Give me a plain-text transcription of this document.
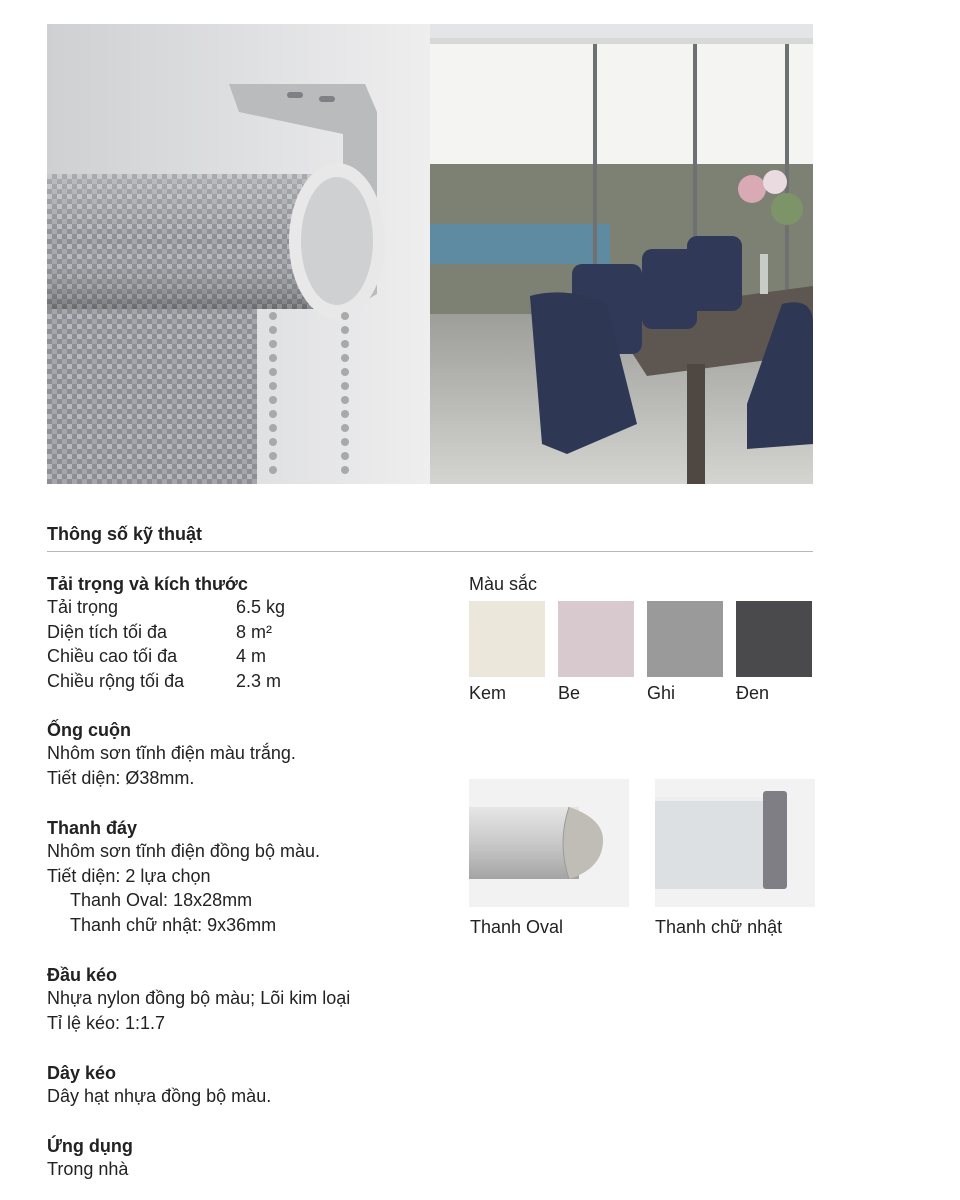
Thông số kỹ thuật
Tải trọng và kích thước
Tải trọng	6.5 kg
Diện tích tối đa	8 m²
Chiều cao tối đa	4 m
Chiều rộng tối đa	2.3 m
Ống cuộn
Nhôm sơn tĩnh điện màu trắng.
Tiết diện: Ø38mm.
Thanh đáy
Nhôm sơn tĩnh điện đồng bộ màu.
Tiết diện: 2 lựa chọn
Thanh Oval: 18x28mm
Thanh chữ nhật: 9x36mm
Đầu kéo
Nhựa nylon đồng bộ màu; Lõi kim loại
Tỉ lệ kéo: 1:1.7
Dây kéo
Dây hạt nhựa đồng bộ màu.
Ứng dụng
Trong nhà
Màu sắc
Kem	Be	Ghi	Đen
Thanh Oval	Thanh chữ nhật
